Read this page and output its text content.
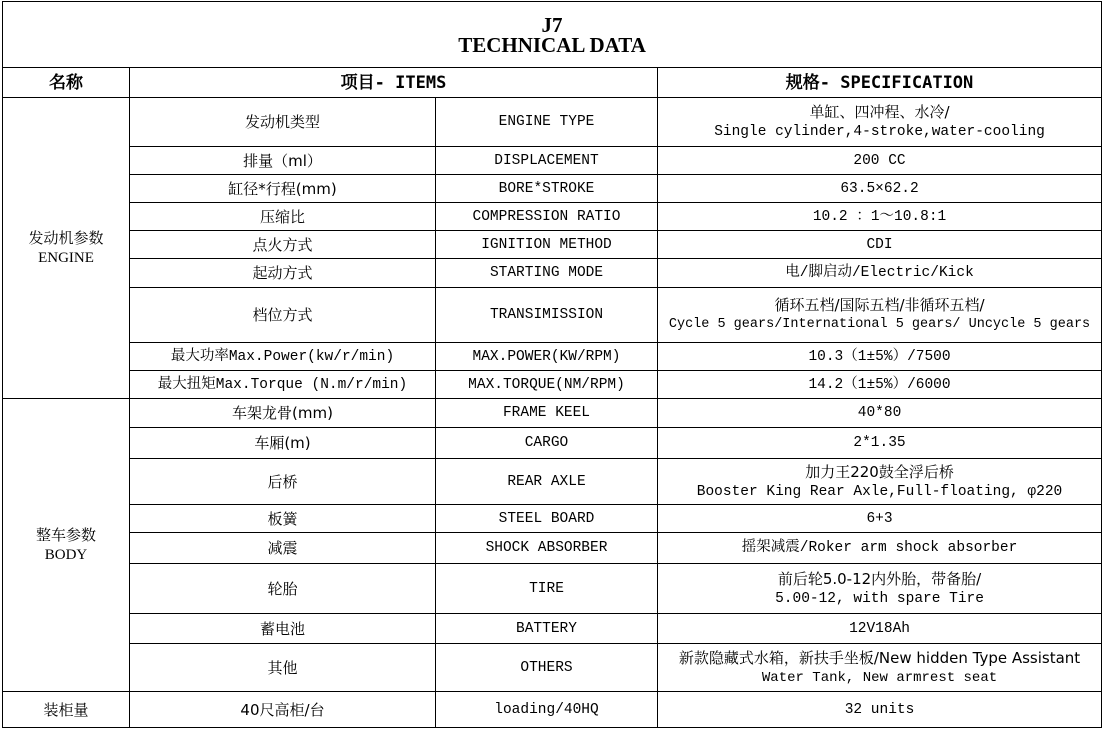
J7
TECHNICAL DATA			

名称	项目- ITEMS		规格- SPECIFICATION

发动机参数
ENGINE	发动机类型	ENGINE TYPE	单缸、四冲程、水冷/
Single cylinder,4-stroke,water-cooling

	排量（ml）	DISPLACEMENT	200 CC
	缸径*行程(mm)	BORE*STROKE	63.5×62.2
	压缩比	COMPRESSION RATIO	10.2 ：1～10.8:1
	点火方式	IGNITION METHOD	CDI
	起动方式	STARTING MODE	电/脚启动/Electric/Kick
	档位方式	TRANSIMISSION	循环五档/国际五档/非循环五档/
Cycle 5 gears/International 5 gears/ Uncycle 5 gears

	最大功率Max.Power(kw/r/min)	MAX.POWER(KW/RPM)	10.3（1±5%）/7500
	最大扭矩Max.Torque (N.m/r/min)	MAX.TORQUE(NM/RPM)	14.2（1±5%）/6000

整车参数
BODY	车架龙骨(mm)	FRAME KEEL	40*80
	车厢(m)	CARGO	2*1.35
	后桥	REAR AXLE	加力王220鼓全浮后桥
Booster King Rear Axle,Full-floating, φ220

	板簧	STEEL BOARD	6+3
	减震	SHOCK ABSORBER	摇架减震/Roker arm shock absorber
	轮胎	TIRE	前后轮5.0-12内外胎，带备胎/
5.00-12, with spare Tire

	蓄电池	BATTERY	12V18Ah
	其他	OTHERS	新款隐藏式水箱，新扶手坐板/New hidden Type Assistant
Water Tank, New armrest seat

装柜量	40尺高柜/台	loading/40HQ	32 units
